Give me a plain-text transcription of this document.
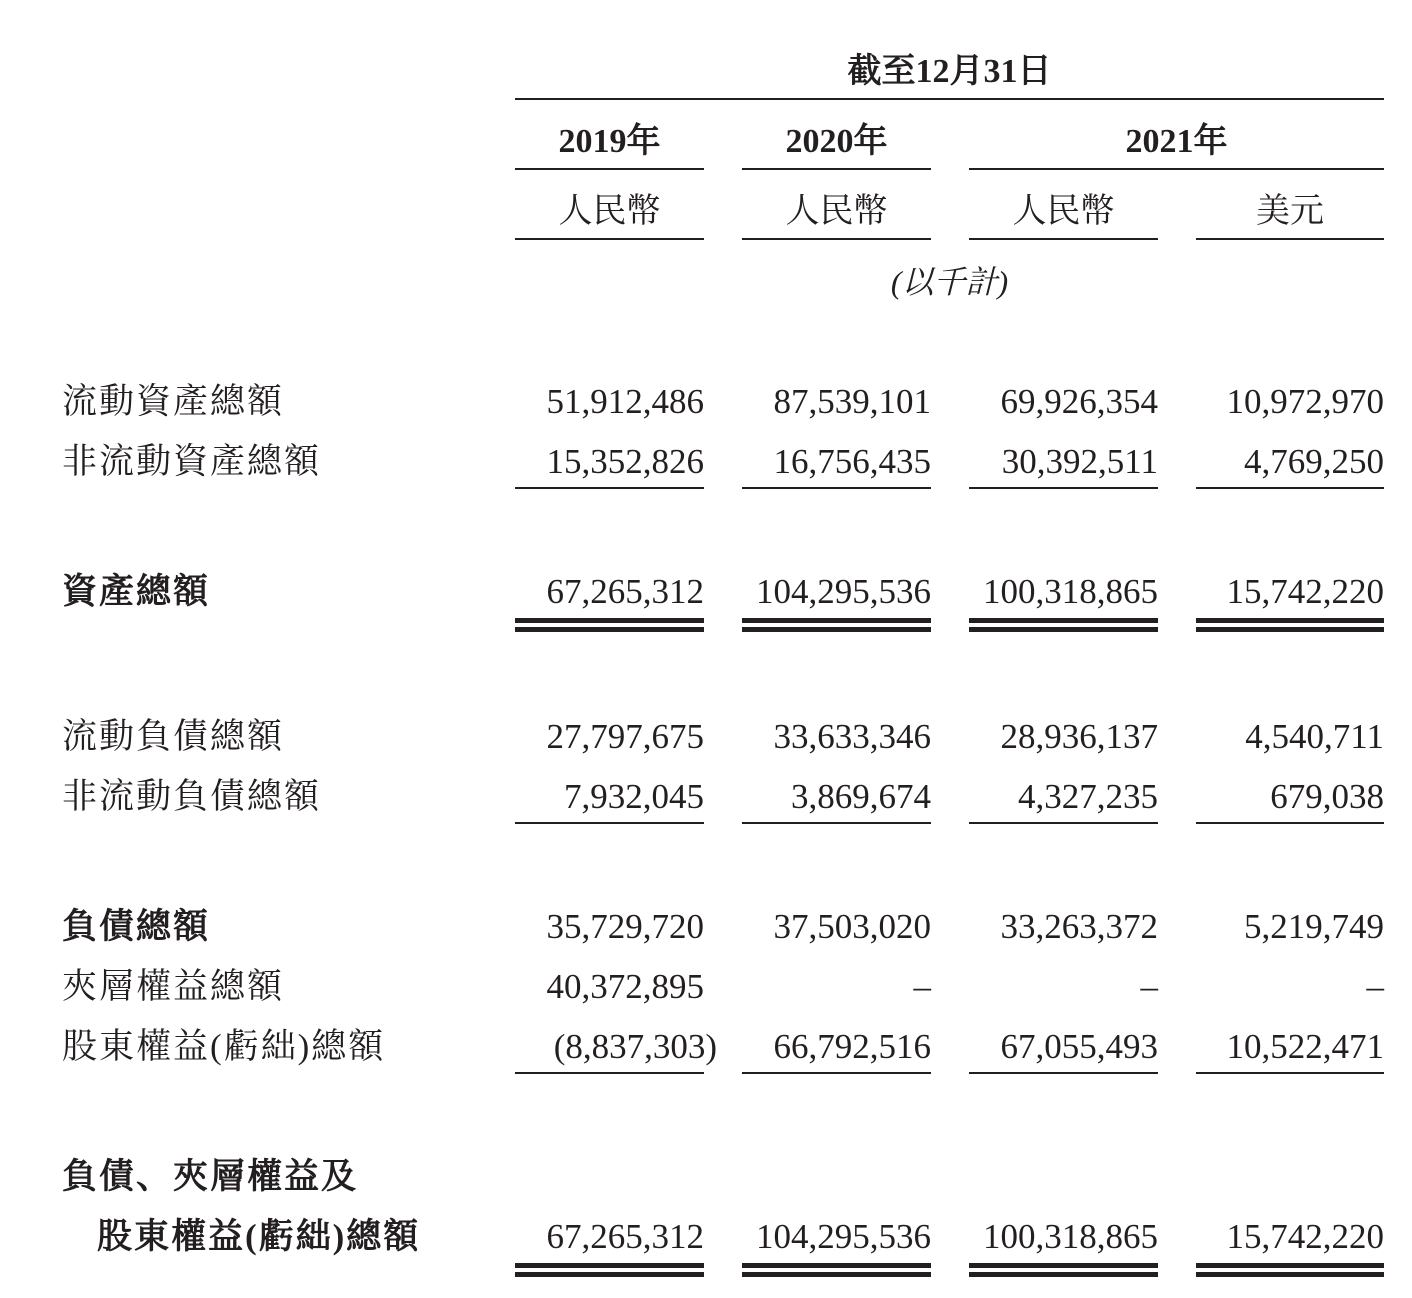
截至12月31日
2019年	2020年	2021年
人民幣	人民幣	人民幣	美元
(以千計)
流動資產總額	51,912,486	87,539,101	69,926,354	10,972,970
非流動資產總額	15,352,826	16,756,435	30,392,511	4,769,250
資產總額	67,265,312	104,295,536	100,318,865	15,742,220
流動負債總額	27,797,675	33,633,346	28,936,137	4,540,711
非流動負債總額	7,932,045	3,869,674	4,327,235	679,038
負債總額	35,729,720	37,503,020	33,263,372	5,219,749
夾層權益總額	40,372,895	–	–	–
股東權益(虧絀)總額	(8,837,303)	66,792,516	67,055,493	10,522,471
負債、夾層權益及
股東權益(虧絀)總額	67,265,312	104,295,536	100,318,865	15,742,220
